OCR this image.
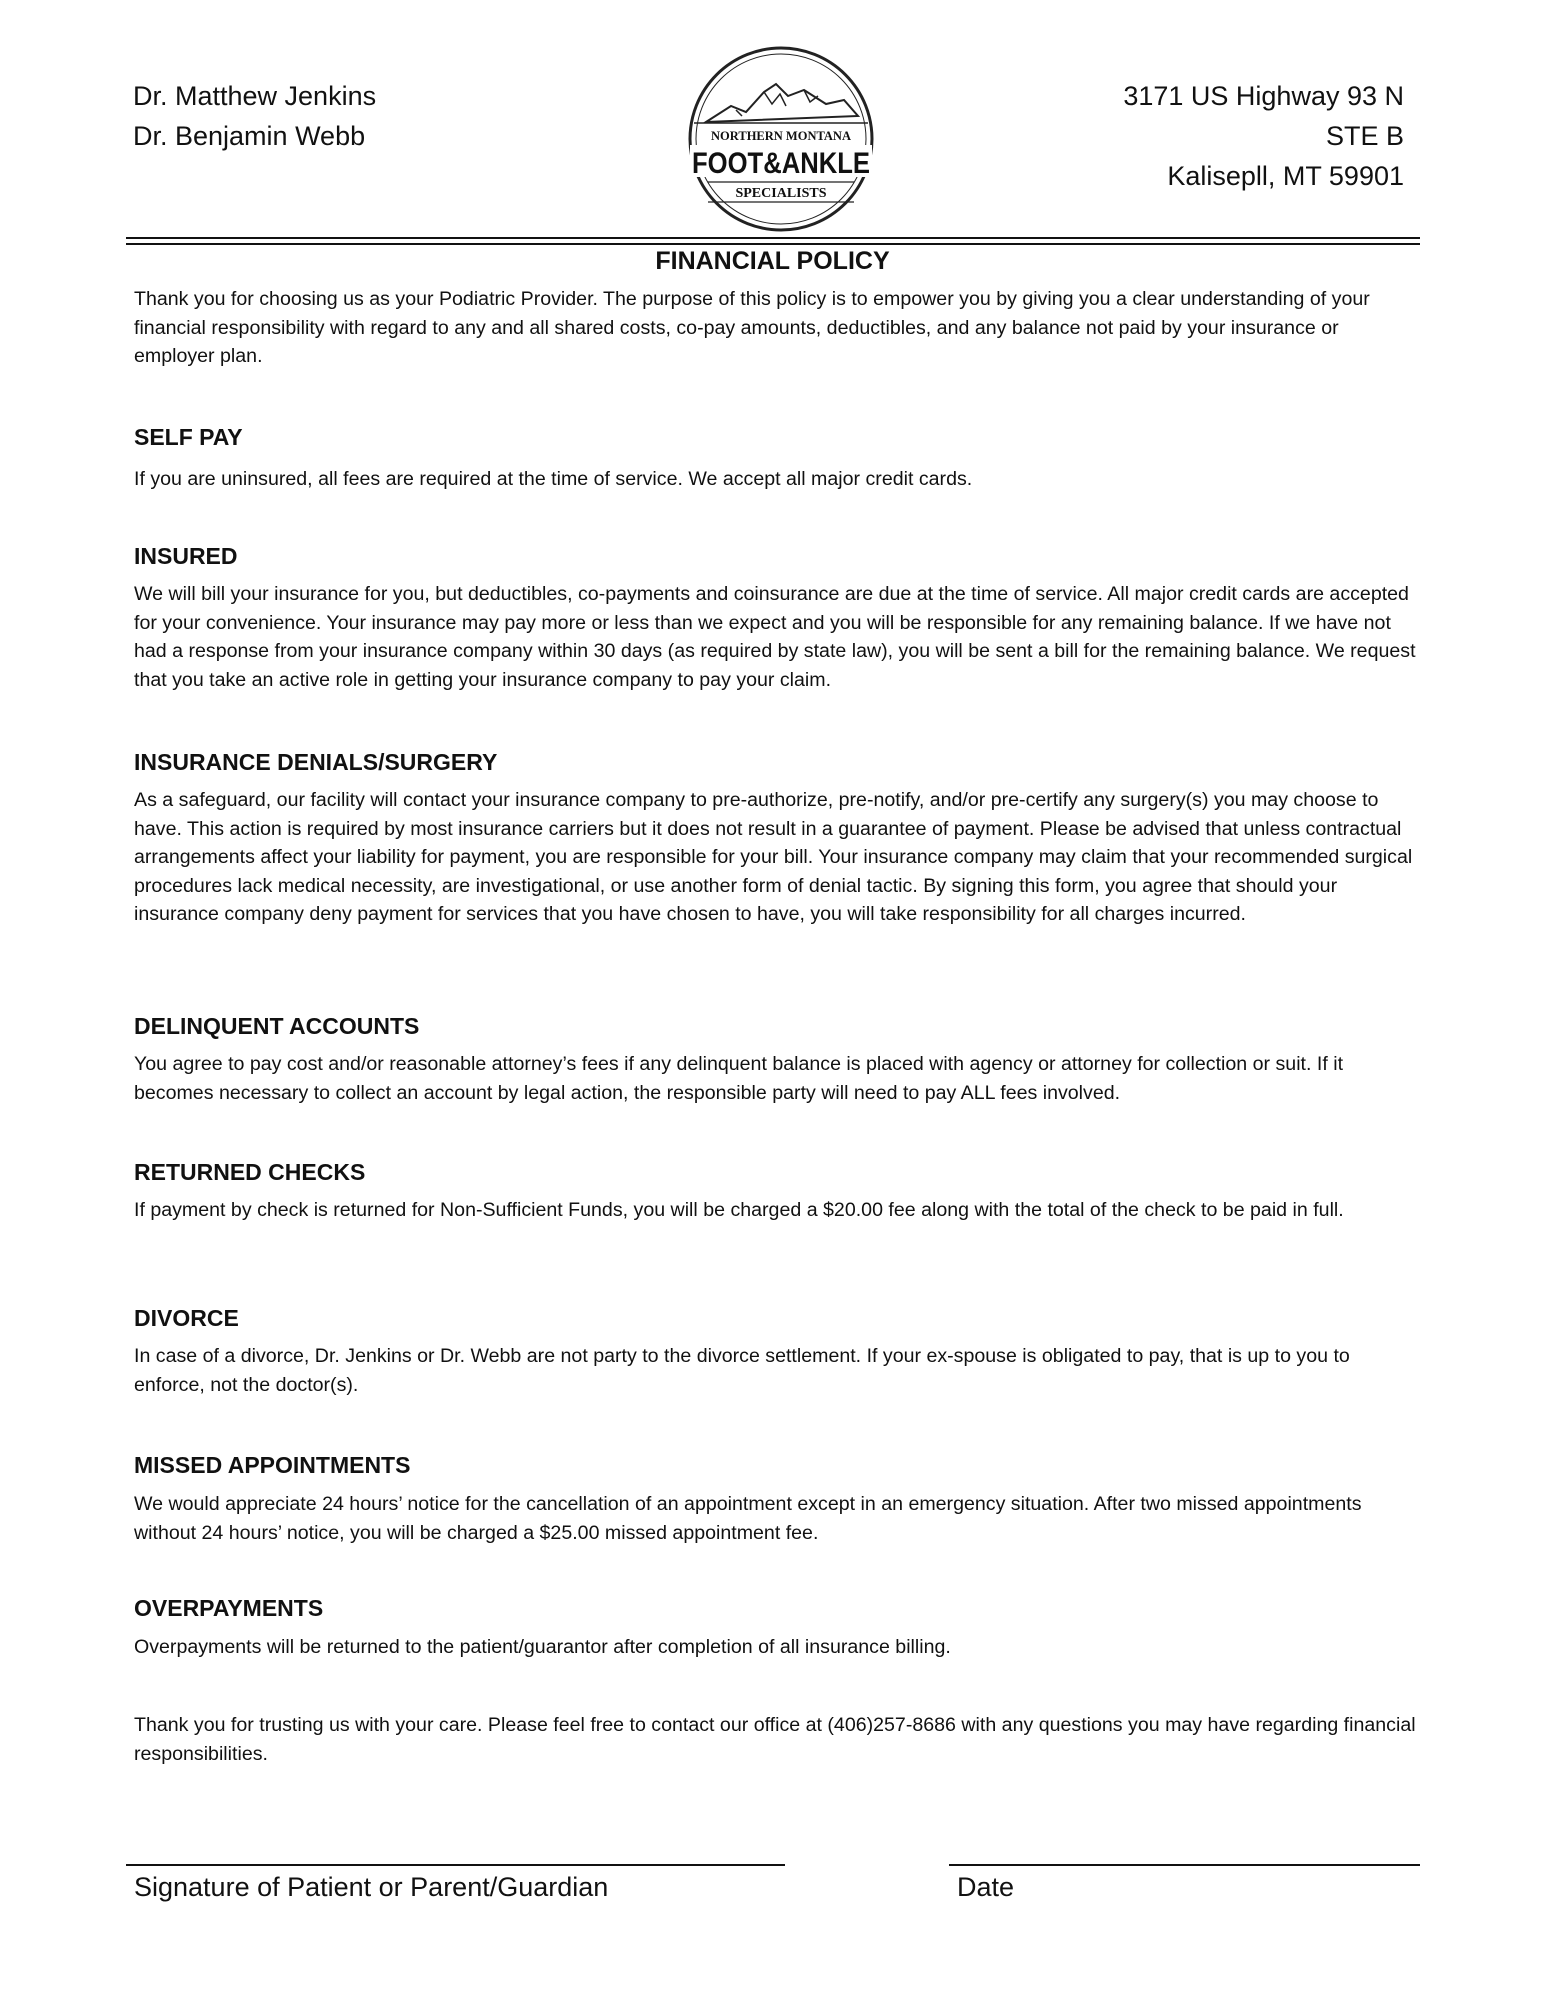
Dr. Matthew Jenkins
Dr. Benjamin Webb	NORTHERN MONTANA
FOOT&ANKLE
SPECIALISTS
3171 US Highway 93 N
STE B
Kalisepll, MT 59901
FINANCIAL POLICY
Thank you for choosing us as your Podiatric Provider. The purpose of this policy is to empower you by giving you a clear understanding of your financial responsibility with regard to any and all shared costs, co-pay amounts, deductibles, and any balance not paid by your insurance or employer plan.
SELF PAY
If you are uninsured, all fees are required at the time of service. We accept all major credit cards.
INSURED
We will bill your insurance for you, but deductibles, co-payments and coinsurance are due at the time of service. All major credit cards are accepted for your convenience. Your insurance may pay more or less than we expect and you will be responsible for any remaining balance. If we have not had a response from your insurance company within 30 days (as required by state law), you will be sent a bill for the remaining balance. We request that you take an active role in getting your insurance company to pay your claim.
INSURANCE DENIALS/SURGERY
As a safeguard, our facility will contact your insurance company to pre-authorize, pre-notify, and/or pre-certify any surgery(s) you may choose to have. This action is required by most insurance carriers but it does not result in a guarantee of payment. Please be advised that unless contractual arrangements affect your liability for payment, you are responsible for your bill. Your insurance company may claim that your recommended surgical procedures lack medical necessity, are investigational, or use another form of denial tactic. By signing this form, you agree that should your insurance company deny payment for services that you have chosen to have, you will take responsibility for all charges incurred.
DELINQUENT ACCOUNTS
You agree to pay cost and/or reasonable attorney’s fees if any delinquent balance is placed with agency or attorney for collection or suit. If it becomes necessary to collect an account by legal action, the responsible party will need to pay ALL fees involved.
RETURNED CHECKS
If payment by check is returned for Non-Sufficient Funds, you will be charged a $20.00 fee along with the total of the check to be paid in full.
DIVORCE
In case of a divorce, Dr. Jenkins or Dr. Webb are not party to the divorce settlement. If your ex-spouse is obligated to pay, that is up to you to enforce, not the doctor(s).
MISSED APPOINTMENTS
We would appreciate 24 hours’ notice for the cancellation of an appointment except in an emergency situation. After two missed appointments without 24 hours’ notice, you will be charged a $25.00 missed appointment fee.
OVERPAYMENTS
Overpayments will be returned to the patient/guarantor after completion of all insurance billing.
Thank you for trusting us with your care. Please feel free to contact our office at (406)257-8686 with any questions you may have regarding financial responsibilities.
Signature of Patient or Parent/Guardian	Date
